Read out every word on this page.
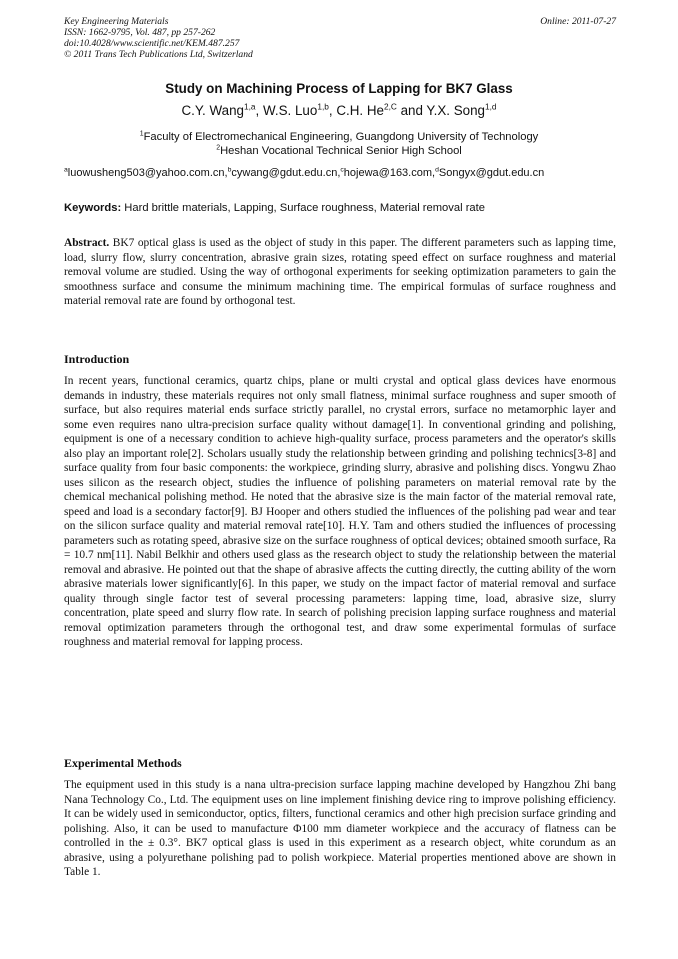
Key Engineering Materials
ISSN: 1662-9795, Vol. 487, pp 257-262
doi:10.4028/www.scientific.net/KEM.487.257
© 2011 Trans Tech Publications Ltd, Switzerland
Online: 2011-07-27
Study on Machining Process of Lapping for BK7 Glass
C.Y. Wang$^{1,a}$, W.S. Luo$^{1,b}$, C.H. $He^{2,C}$ and Y.X. Song$^{1,d}$
$^1$Faculty of Electromechanical Engineering, Guangdong University of Technology
$^2$Heshan Vocational Technical Senior High School
$^a$luowusheng503@yahoo.com.cn,$^b$cywang@gdut.edu.cn,$^c$hojewa@163.com,$^d$Songyx@gdut.edu.cn
Keywords: Hard brittle materials, Lapping, Surface roughness, Material removal rate
Abstract. BK7 optical glass is used as the object of study in this paper. The different parameters such as lapping time, load, slurry flow, slurry concentration, abrasive grain sizes, rotating speed effect on surface roughness and material removal volume are studied. Using the way of orthogonal experiments for seeking optimization parameters to gain the smoothness surface and consume the minimum machining time. The empirical formulas of surface roughness and material removal rate are found by orthogonal test.
Introduction
In recent years, functional ceramics, quartz chips, plane or multi crystal and optical glass devices have enormous demands in industry, these materials requires not only small flatness, minimal surface roughness and super smooth of surface, but also requires material ends surface strictly parallel, no crystal errors, surface no metamorphic layer and some even requires nano ultra-precision surface quality without damage[1]. In conventional grinding and polishing, equipment is one of a necessary condition to achieve high-quality surface, process parameters and the operator's skills also play an important role[2]. Scholars usually study the relationship between grinding and polishing technics[3-8] and surface quality from four basic components: the workpiece, grinding slurry, abrasive and polishing discs. Yongwu Zhao uses silicon as the research object, studies the influence of polishing parameters on material removal rate by the chemical mechanical polishing method. He noted that the abrasive size is the main factor of the material removal rate, speed and load is a secondary factor[9]. BJ Hooper and others studied the influences of the polishing pad wear and tear on the silicon surface quality and material removal rate[10]. H.Y. Tam and others studied the influences of processing parameters such as rotating speed, abrasive size on the surface roughness of optical devices; obtained smooth surface, Ra = 10.7 nm[11]. Nabil Belkhir and others used glass as the research object to study the relationship between the material removal and abrasive. He pointed out that the shape of abrasive affects the cutting directly, the cutting ability of the worn abrasive materials lower significantly[6]. In this paper, we study on the impact factor of material removal and surface quality through single factor test of several processing parameters: lapping time, load, abrasive size, slurry concentration, plate speed and slurry flow rate. In search of polishing precision lapping surface roughness and material removal optimization parameters through the orthogonal test, and draw some experimental formulas of surface roughness and material removal for lapping process.
Experimental Methods
The equipment used in this study is a nana ultra-precision surface lapping machine developed by Hangzhou Zhi bang Nana Technology Co., Ltd. The equipment uses on line implement finishing device ring to improve polishing efficiency. It can be widely used in semiconductor, optics, filters, functional ceramics and other high precision surface grinding and polishing. Also, it can be used to manufacture Φ100 mm diameter workpiece and the accuracy of flatness can be controlled in the ± 0.3°. BK7 optical glass is used in this experiment as a research object, white corundum as an abrasive, using a polyurethane polishing pad to polish workpiece. Material properties mentioned above are shown in Table 1.
